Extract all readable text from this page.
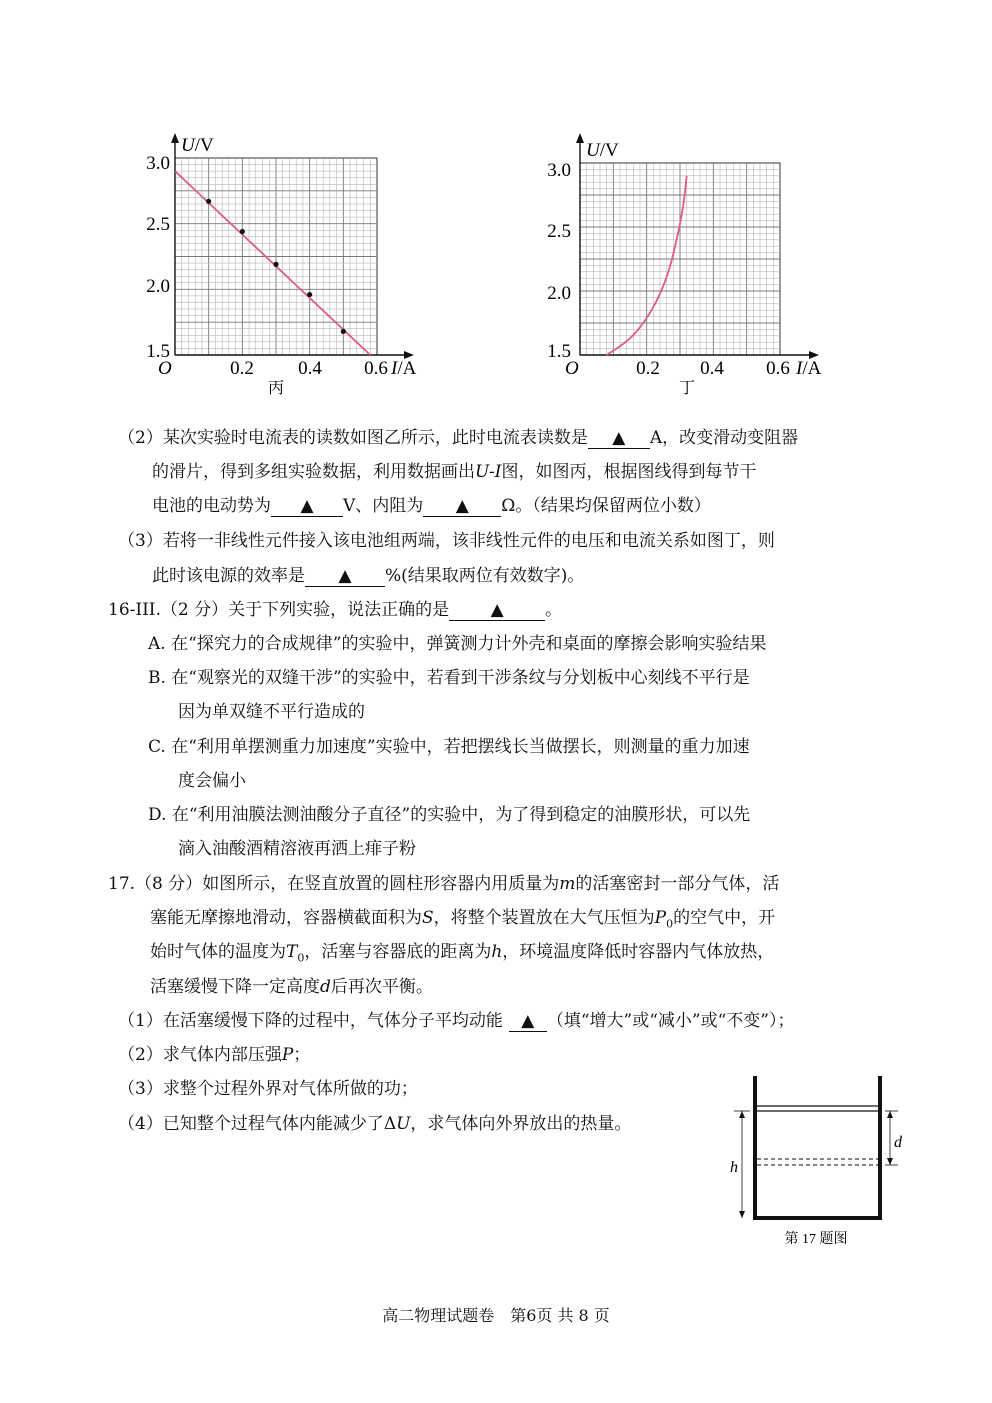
U/V
I/A
O
3.0
2.5
2.0
1.5
0.2 0.4 0.6
丙
U/V
I/A
O
3.0
2.5
2.0
1.5
0.2 0.4 0.6
丁
（2）某次实验时电流表的读数如图乙所示，此时电流表读数是 ▲ A，改变滑动变阻器
的滑片，得到多组实验数据，利用数据画出U-I图，如图丙，根据图线得到每节干
电池的电动势为 ▲ V、内阻为 ▲ Ω。（结果均保留两位小数）
（3）若将一非线性元件接入该电池组两端，该非线性元件的电压和电流关系如图丁，则
此时该电源的效率是 ▲ %(结果取两位有效数字)。
16-III.（2 分）关于下列实验，说法正确的是 ▲ 。
A. 在“探究力的合成规律”的实验中，弹簧测力计外壳和桌面的摩擦会影响实验结果
B. 在“观察光的双缝干涉”的实验中，若看到干涉条纹与分划板中心刻线不平行是
因为单双缝不平行造成的
C. 在“利用单摆测重力加速度”实验中，若把摆线长当做摆长，则测量的重力加速
度会偏小
D. 在“利用油膜法测油酸分子直径”的实验中，为了得到稳定的油膜形状，可以先
滴入油酸酒精溶液再洒上痱子粉
17.（8 分）如图所示，在竖直放置的圆柱形容器内用质量为m的活塞密封一部分气体，活
塞能无摩擦地滑动，容器横截面积为S，将整个装置放在大气压恒为$P_0$的空气中，开
始时气体的温度为$T_0$，活塞与容器底的距离为h，环境温度降低时容器内气体放热，
活塞缓慢下降一定高度d后再次平衡。
（1）在活塞缓慢下降的过程中，气体分子平均动能 ▲ （填“增大”或“减小”或“不变”）；
（2）求气体内部压强P；
（3）求整个过程外界对气体所做的功；
（4）已知整个过程气体内能减少了ΔU，求气体向外界放出的热量。
h
d
第 17 题图
高二物理试题卷　第6页 共 8 页
